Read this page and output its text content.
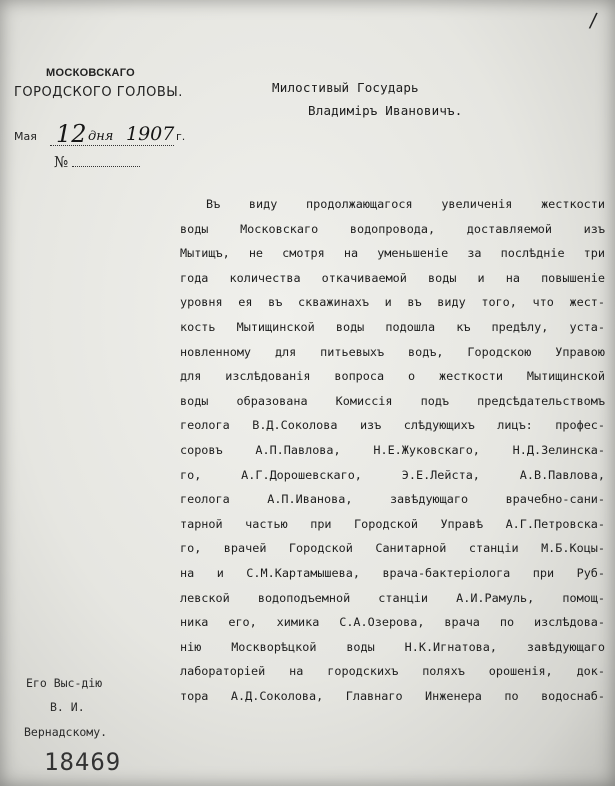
/
МОСКОВСКАГО
ГОРОДСКОГО ГОЛОВЫ.
Мая 12 дня 1907 г.
№
Милостивый Государь
Владимiръ Ивановичъ.
Въ виду продолжающагося увеличенiя жесткости
воды Московскаго водопровода, доставляемой изъ
Мытищъ, не смотря на уменьшенiе за послѣднiе три
года количества откачиваемой воды и на повышенiе
уровня ея въ скважинахъ и въ виду того, что жест-
кость Мытищинской воды подошла къ предѣлу, уста-
новленному для питьевыхъ водъ, Городскою Управою
для изслѣдованiя вопроса о жесткости Мытищинской
воды образована Комиссiя подъ предсѣдательствомъ
геолога В.Д.Соколова изъ слѣдующихъ лицъ: профес-
соровъ А.П.Павлова, Н.Е.Жуковскаго, Н.Д.Зелинска-
го, А.Г.Дорошевскаго, Э.Е.Лейста, А.В.Павлова,
геолога А.П.Иванова, завѣдующаго врачебно-сани-
тарной частью при Городской Управѣ А.Г.Петровска-
го, врачей Городской Санитарной станцiи М.Б.Коцы-
на и С.М.Картамышева, врача-бактерiолога при Руб-
левской водоподъемной станцiи А.И.Рамуль, помощ-
ника его, химика С.А.Озерова, врача по изслѣдова-
нiю Москворѣцкой воды Н.К.Игнатова, завѣдующаго
лабораторiей на городскихъ поляхъ орошенiя, док-
тора А.Д.Соколова, Главнаго Инженера по водоснаб-
Его Выс-дiю
В. И.
Вернадскому.
18469
